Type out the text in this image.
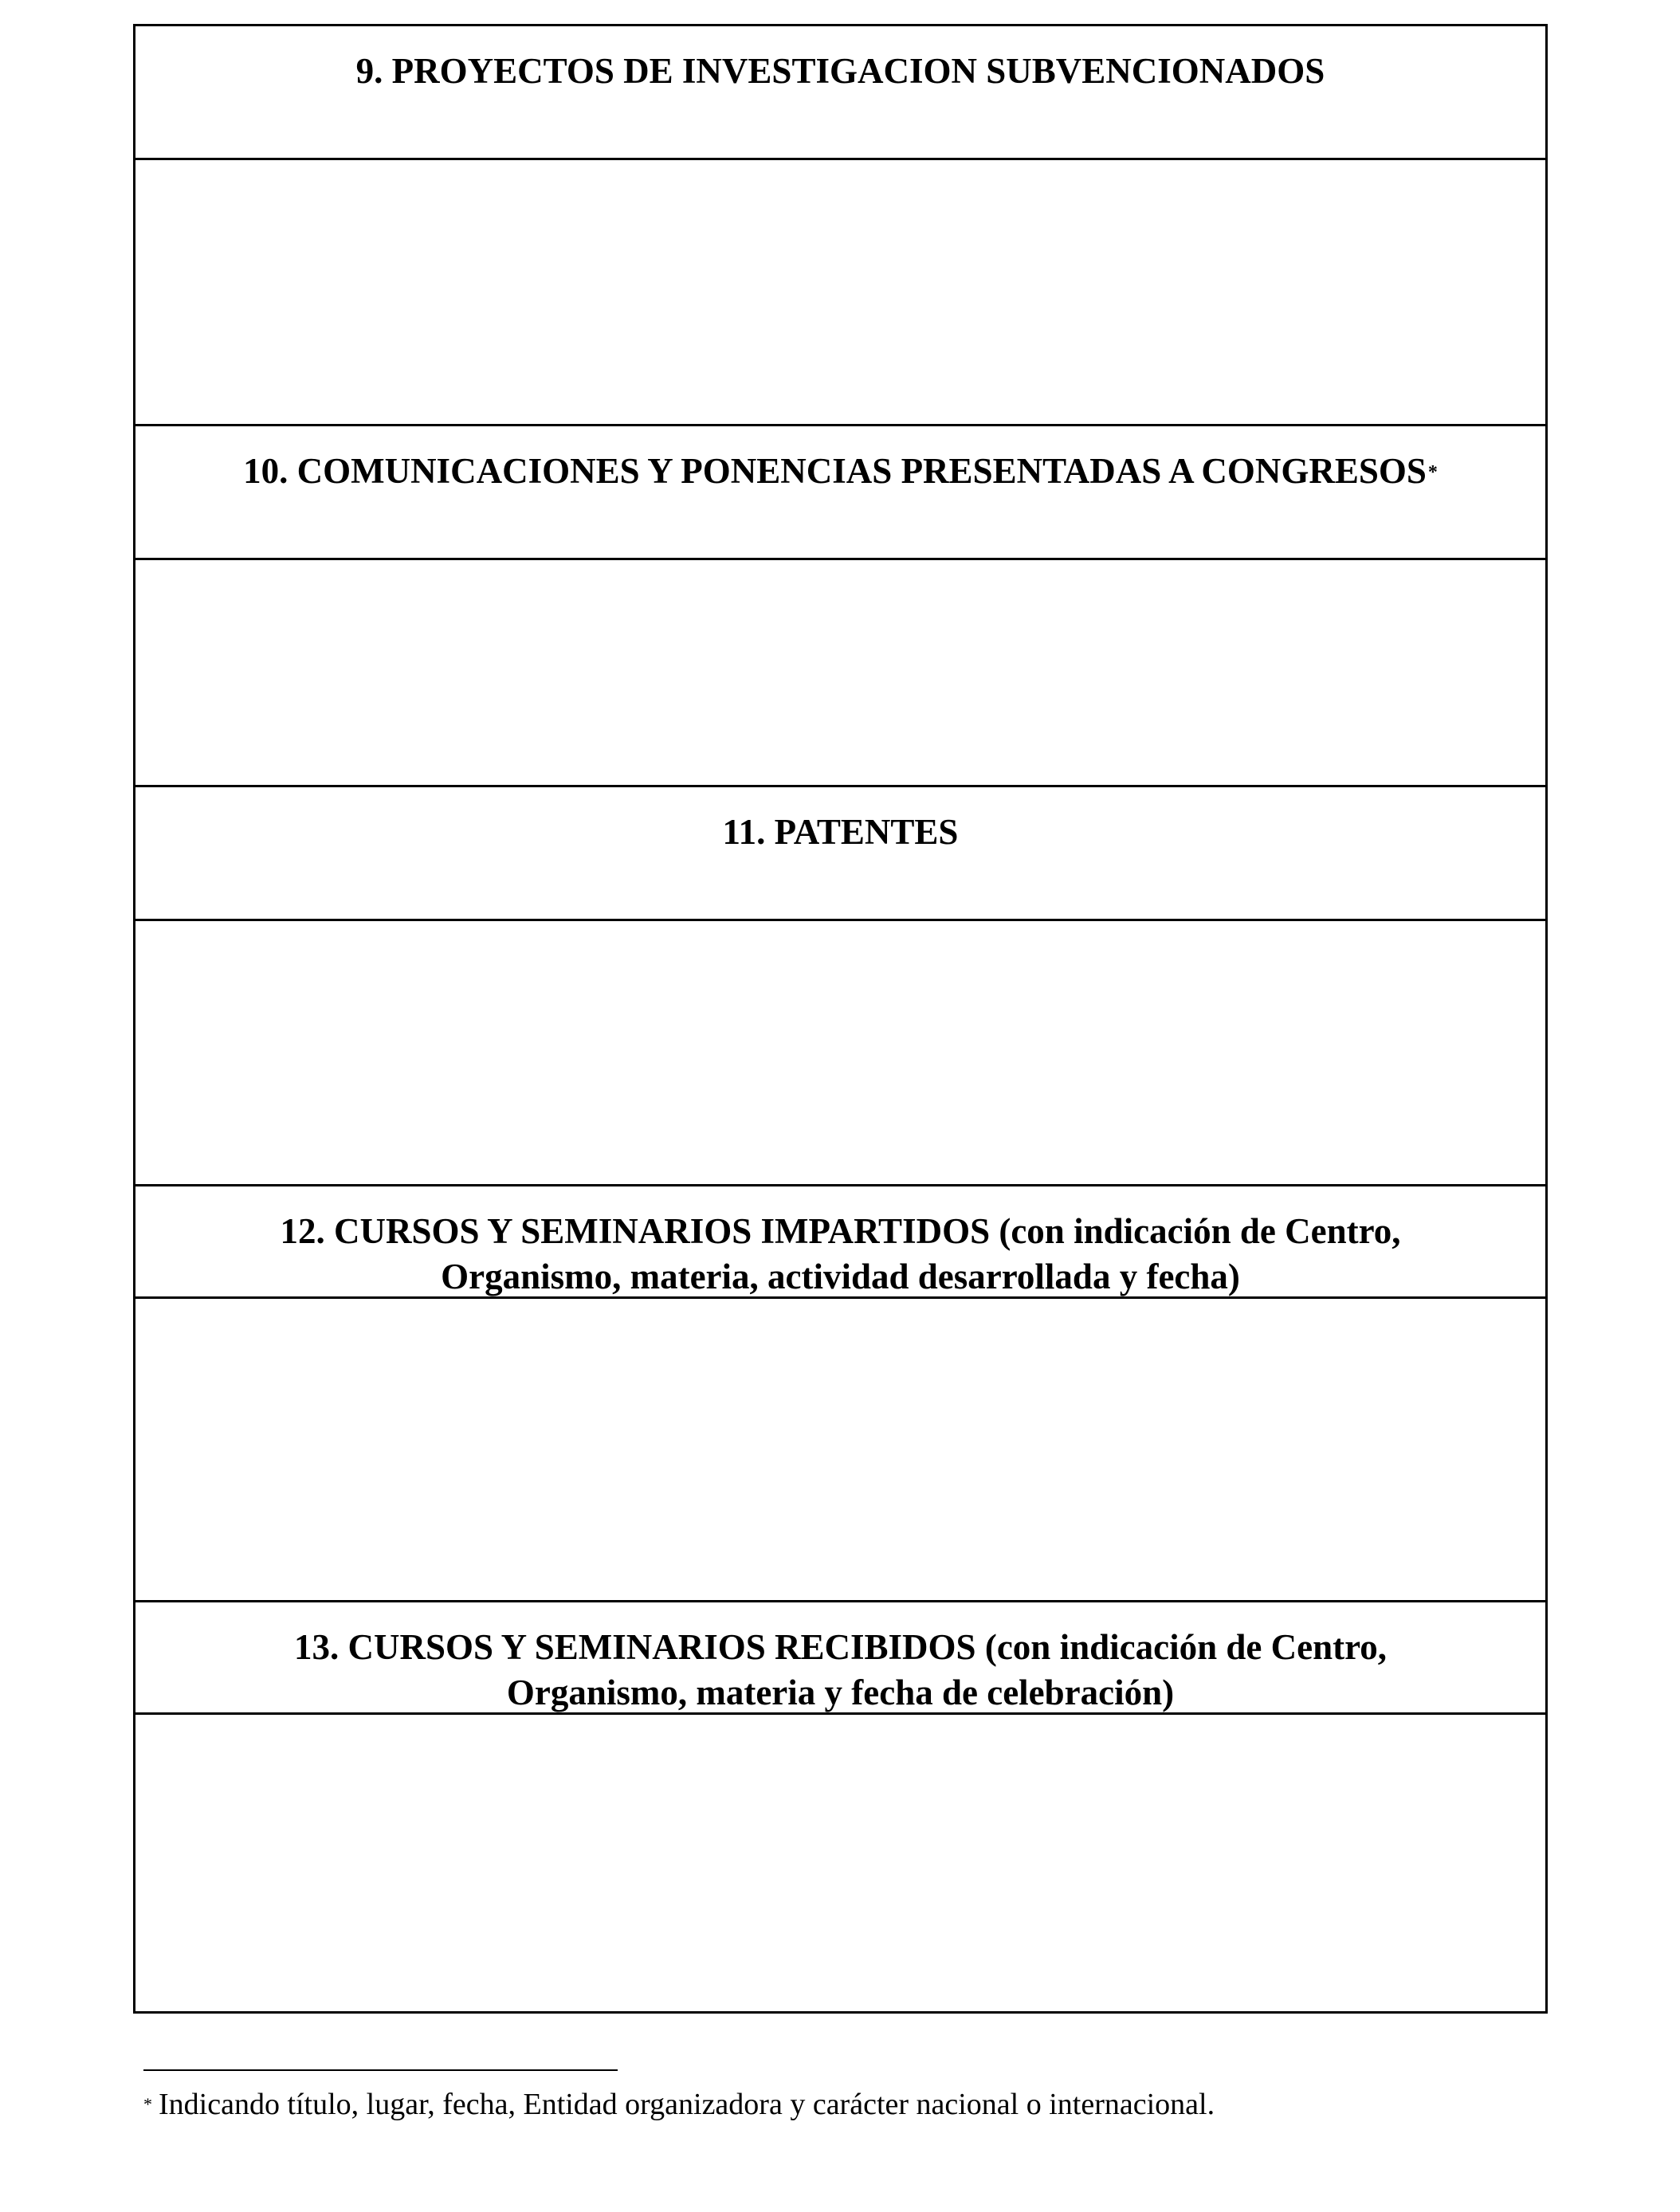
9. PROYECTOS DE INVESTIGACION SUBVENCIONADOS
10. COMUNICACIONES Y PONENCIAS PRESENTADAS A CONGRESOS*
11. PATENTES
12. CURSOS Y SEMINARIOS IMPARTIDOS (con indicación de Centro,
Organismo, materia, actividad desarrollada y fecha)
13. CURSOS Y SEMINARIOS RECIBIDOS (con indicación de Centro,
Organismo, materia y fecha de celebración)
* Indicando título, lugar, fecha, Entidad organizadora y carácter nacional o internacional.
